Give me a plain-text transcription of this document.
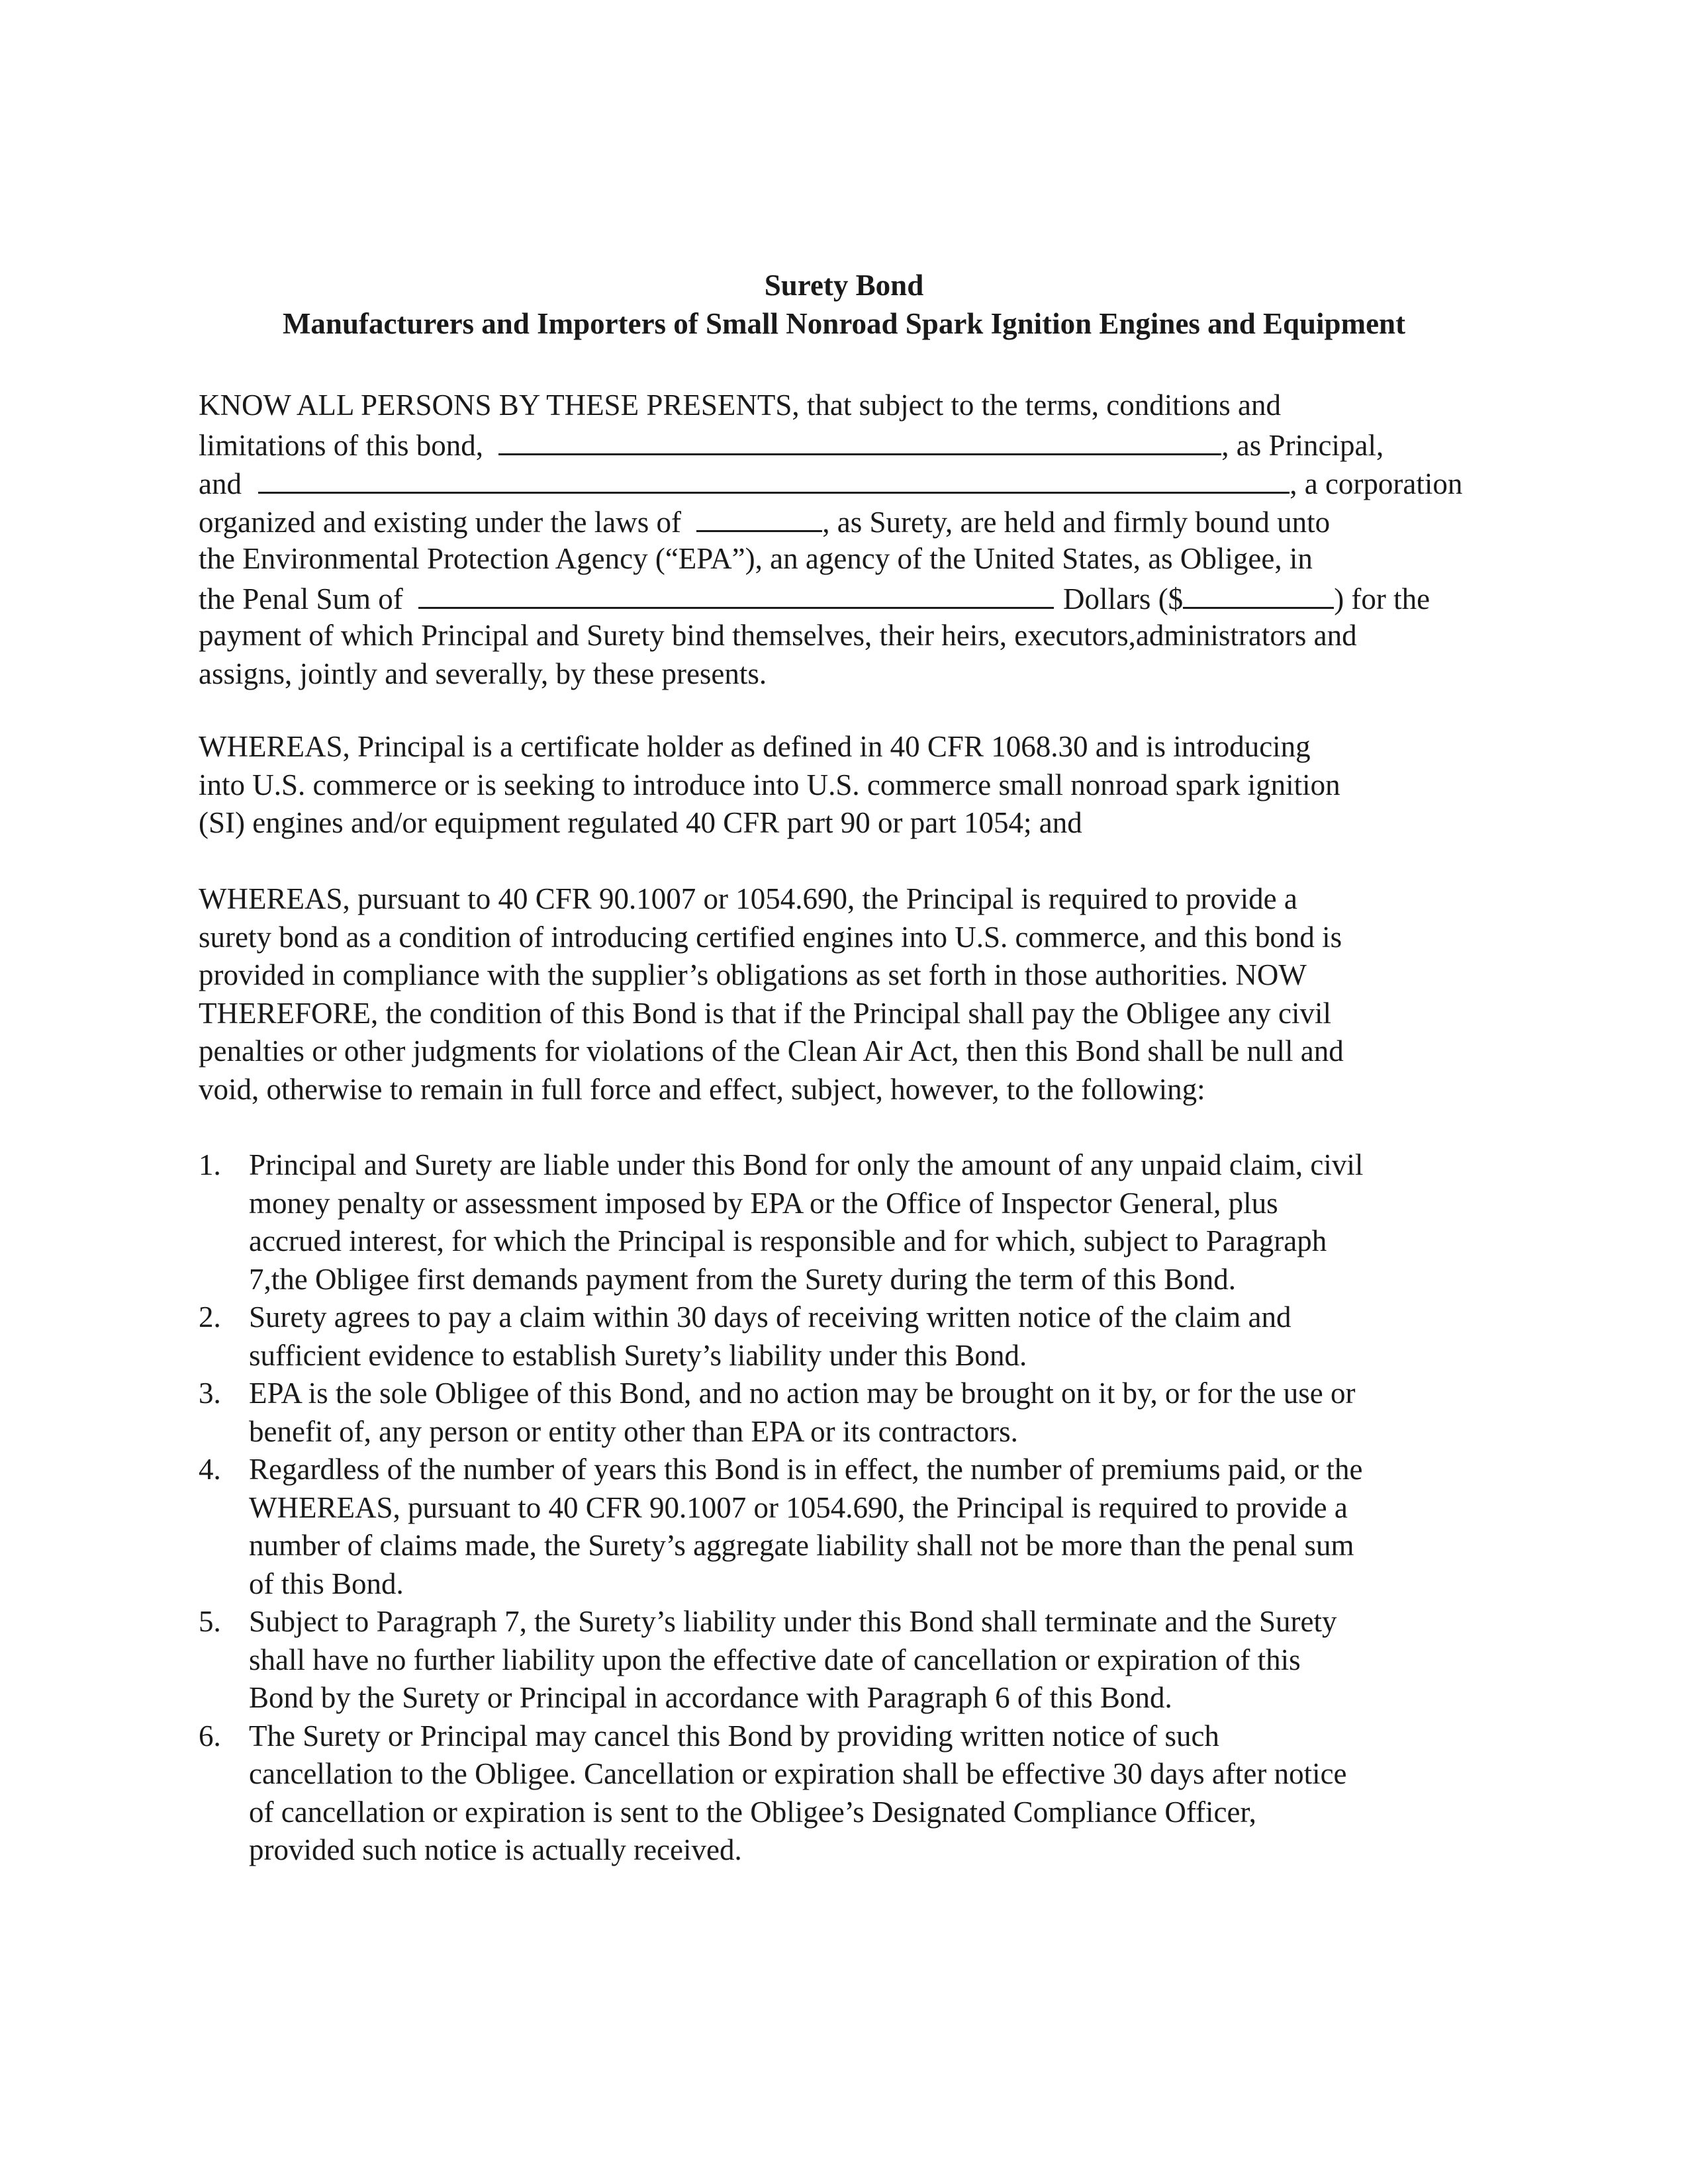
Surety Bond
Manufacturers and Importers of Small Nonroad Spark Ignition Engines and Equipment
KNOW ALL PERSONS BY THESE PRESENTS, that subject to the terms, conditions and
limitations of this bond,	, as Principal,
and	, a corporation
organized and existing under the laws of	, as Surety, are held and firmly bound unto
the Environmental Protection Agency (“EPA”), an agency of the United States, as Obligee, in
the Penal Sum of	Dollars ($	) for the
payment of which Principal and Surety bind themselves, their heirs, executors,administrators and
assigns, jointly and severally, by these presents.

WHEREAS, Principal is a certificate holder as defined in 40 CFR 1068.30 and is introducing

into U.S. commerce or is seeking to introduce into U.S. commerce small nonroad spark ignition

(SI) engines and/or equipment regulated 40 CFR part 90 or part 1054; and

WHEREAS, pursuant to 40 CFR 90.1007 or 1054.690, the Principal is required to provide a

surety bond as a condition of introducing certified engines into U.S. commerce, and this bond is

provided in compliance with the supplier’s obligations as set forth in those authorities. NOW

THEREFORE, the condition of this Bond is that if the Principal shall pay the Obligee any civil

penalties or other judgments for violations of the Clean Air Act, then this Bond shall be null and

void, otherwise to remain in full force and effect, subject, however, to the following:

1. Principal and Surety are liable under this Bond for only the amount of any unpaid claim, civil
money penalty or assessment imposed by EPA or the Office of Inspector General, plus
accrued interest, for which the Principal is responsible and for which, subject to Paragraph
7,the Obligee first demands payment from the Surety during the term of this Bond.
2. Surety agrees to pay a claim within 30 days of receiving written notice of the claim and
sufficient evidence to establish Surety’s liability under this Bond.
3. EPA is the sole Obligee of this Bond, and no action may be brought on it by, or for the use or
benefit of, any person or entity other than EPA or its contractors.
4. Regardless of the number of years this Bond is in effect, the number of premiums paid, or the
WHEREAS, pursuant to 40 CFR 90.1007 or 1054.690, the Principal is required to provide a
number of claims made, the Surety’s aggregate liability shall not be more than the penal sum
of this Bond.
5. Subject to Paragraph 7, the Surety’s liability under this Bond shall terminate and the Surety
shall have no further liability upon the effective date of cancellation or expiration of this
Bond by the Surety or Principal in accordance with Paragraph 6 of this Bond.
6. The Surety or Principal may cancel this Bond by providing written notice of such
cancellation to the Obligee. Cancellation or expiration shall be effective 30 days after notice
of cancellation or expiration is sent to the Obligee’s Designated Compliance Officer,
provided such notice is actually received.
